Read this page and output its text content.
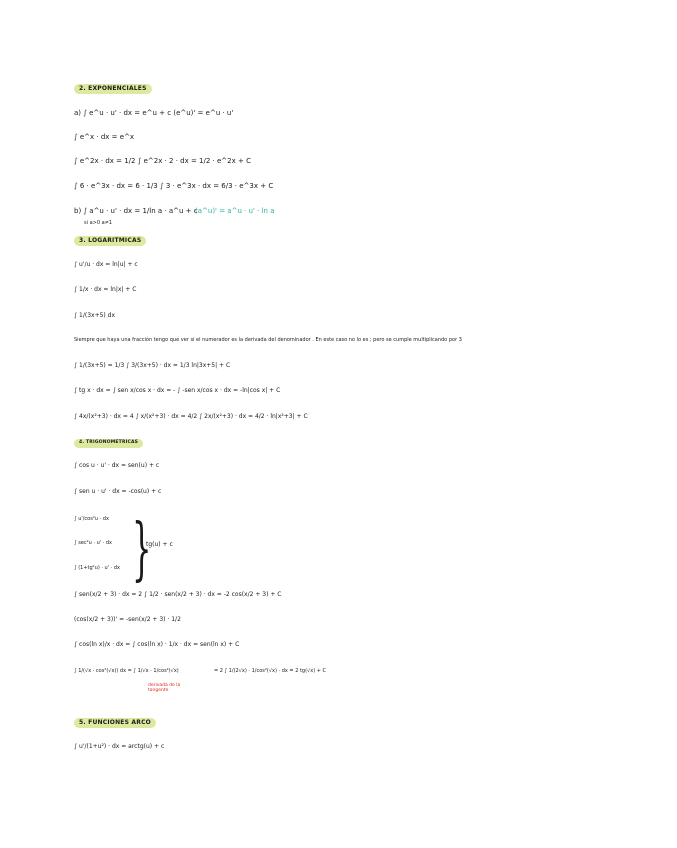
2. EXPONENCIALES
a) ∫ e^u · u' · dx = e^u + c (e^u)' = e^u · u'
∫ e^x · dx = e^x
∫ e^2x · dx = 1/2 ∫ e^2x · 2 · dx = 1/2 · e^2x + C
∫ 6 · e^3x · dx = 6 · 1/3 ∫ 3 · e^3x · dx = 6/3 · e^3x + C
b) ∫ a^u · u' · dx = 1/ln a · a^u + c
(a^u)' = a^u · u' · ln a
si a>0 a≠1
3. LOGARITMICAS
∫ u'/u · dx = ln|u| + c
∫ 1/x · dx = ln|x| + C
∫ 1/(3x+5) dx
Siempre que haya una fracción tengo que ver si el numerador es la derivada del denominador . En este caso no lo es ; pero se cumple multiplicando por 3
∫ 1/(3x+5) = 1/3 ∫ 3/(3x+5) · dx = 1/3 ln|3x+5| + C
∫ tg x · dx = ∫ sen x/cos x · dx = - ∫ -sen x/cos x · dx = -ln|cos x| + C
∫ 4x/(x²+3) · dx = 4 ∫ x/(x²+3) · dx = 4/2 ∫ 2x/(x²+3) · dx = 4/2 · ln|x²+3| + C
4. TRIGONOMETRICAS
∫ cos u · u' · dx = sen(u) + c
∫ sen u · u' · dx = -cos(u) + c
∫ u'/cos²u · dx
∫ sec²u · u' · dx
∫ (1+tg²u) · u' · dx }
tg(u) + c
∫ sen(x/2 + 3) · dx = 2 ∫ 1/2 · sen(x/2 + 3) · dx = -2 cos(x/2 + 3) + C
(cos(x/2 + 3))' = -sen(x/2 + 3) · 1/2
∫ cos(ln x)/x · dx = ∫ cos(ln x) · 1/x · dx = sen(ln x) + C
∫ 1/(√x · cos²(√x)) dx = ∫ 1/√x · 1/cos²(√x)	= 2 ∫ 1/(2√x) · 1/cos²(√x) · dx = 2 tg(√x) + C
derivada de la tangente
5. FUNCIONES ARCO
∫ u'/(1+u²) · dx = arctg(u) + c
